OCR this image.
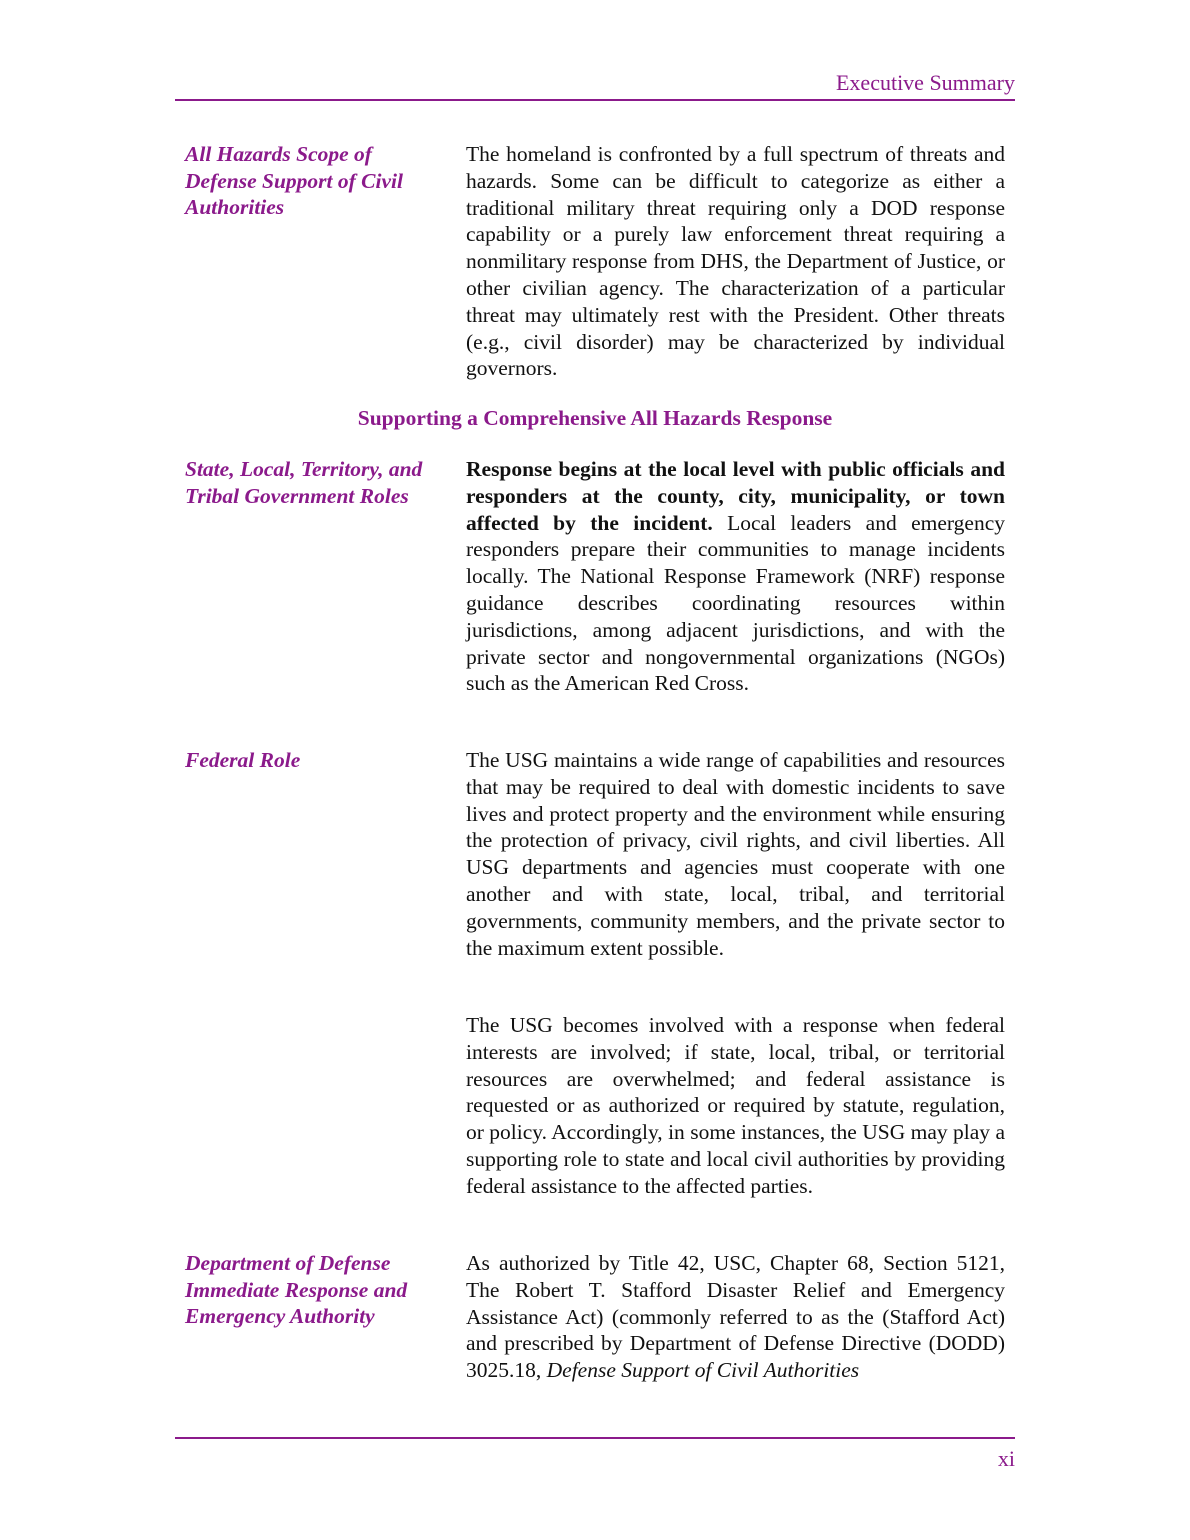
Executive Summary
All Hazards Scope of Defense Support of Civil Authorities
The homeland is confronted by a full spectrum of threats and hazards. Some can be difficult to categorize as either a traditional military threat requiring only a DOD response capability or a purely law enforcement threat requiring a nonmilitary response from DHS, the Department of Justice, or other civilian agency. The characterization of a particular threat may ultimately rest with the President. Other threats (e.g., civil disorder) may be characterized by individual governors.
Supporting a Comprehensive All Hazards Response
State, Local, Territory, and Tribal Government Roles
Response begins at the local level with public officials and responders at the county, city, municipality, or town affected by the incident. Local leaders and emergency responders prepare their communities to manage incidents locally. The National Response Framework (NRF) response guidance describes coordinating resources within jurisdictions, among adjacent jurisdictions, and with the private sector and nongovernmental organizations (NGOs) such as the American Red Cross.
Federal Role	The USG maintains a wide range of capabilities and resources that may be required to deal with domestic incidents to save lives and protect property and the environment while ensuring the protection of privacy, civil rights, and civil liberties. All USG departments and agencies must cooperate with one another and with state, local, tribal, and territorial governments, community members, and the private sector to the maximum extent possible.
The USG becomes involved with a response when federal interests are involved; if state, local, tribal, or territorial resources are overwhelmed; and federal assistance is requested or as authorized or required by statute, regulation, or policy. Accordingly, in some instances, the USG may play a supporting role to state and local civil authorities by providing federal assistance to the affected parties.
Department of Defense Immediate Response and Emergency Authority
As authorized by Title 42, USC, Chapter 68, Section 5121, The Robert T. Stafford Disaster Relief and Emergency Assistance Act) (commonly referred to as the (Stafford Act) and prescribed by Department of Defense Directive (DODD) 3025.18, Defense Support of Civil Authorities
xi
